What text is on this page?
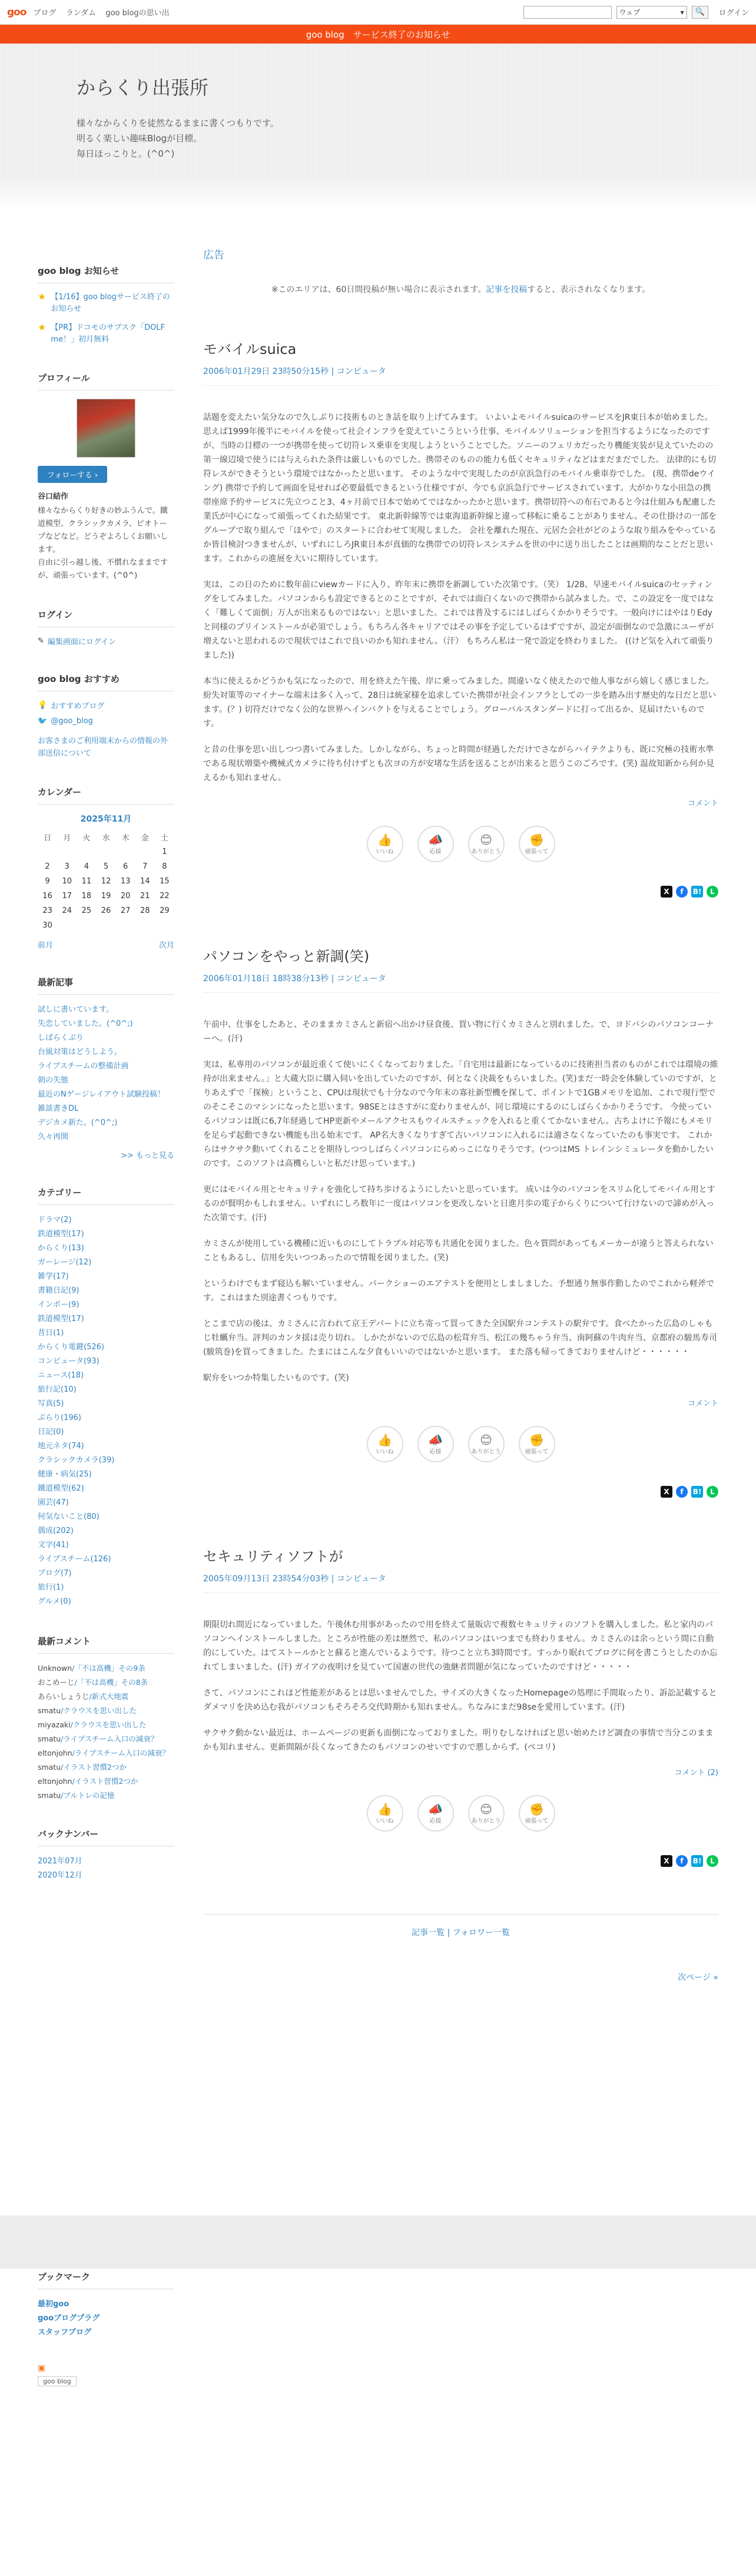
goo ブログ ランダム goo blogの思い出	ウェブ	▾ 🔍 ログイン
goo blog　サービス終了のお知らせ
からくり出張所
様々なからくりを徒然なるままに書くつもりです。
明るく楽しい趣味Blogが目標。
毎日ほっこりと。(^0^)
goo blog お知らせ
★ 【1/16】goo blogサービス終了のお知らせ
★ 【PR】ドコモのサブスク「DOLF me！」初月無料
プロフィール
フォローする ›
谷口結作
様々なからくり好きの妙ふうんで。鐵道模型、クラシックカメラ、ビオトープなどなど。どうぞよろしくお願いします。
自由に引っ越し後、不慣れなままですが、頑張っています。(^0^)
ログイン
✎ 編集画面にログイン
goo blog おすすめ
💡 おすすめブログ
🐦 @goo_blog
お客さまのご利用端末からの情報の外部送信について
カレンダー
2025年11月
日	月	火	水	木	金	土
						1
2	3	4	5	6	7	8
9	10	11	12	13	14	15
16	17	18	19	20	21	22
23	24	25	26	27	28	29
30						
前月	次月
最新記事
試しに書いています。
失恋していました。(^0^;)
しばらくぶり
台風対策はどうしよう。
ライブスチームの整備計画
朝の失態
最近のNゲージレイアウト試験投稿！
雑談書きDL
デジカメ新た。(^0^;)
久々再開
>> もっと見る
カテゴリー
ドラマ(2)
鉄道模型(17)
からくり(13)
ガーレージ(12)
雑学(17)
書籍日記(9)
インボー(9)
鉄道模型(17)
昔日(1)
からくり電鍵(526)
コンピュータ(93)
ニュース(18)
旅行記(10)
写真(5)
ぶらり(196)
日記(0)
地元ネタ(74)
クラシックカメラ(39)
健康・病気(25)
鐵道模型(62)
園芸(47)
何気ないこと(80)
偶成(202)
文字(41)
ライブスチーム(126)
ブログ(7)
旅行(1)
グルメ(0)
最新コメント
Unknown/「不は高機」その9条
おこめーじ/「不は高機」その8条
あらいしょうじ/新式大地震
smatu/クラウスを思い出した
miyazaki/クラウスを思い出した
smatu/ライブスチーム入口の減衰？
eltonjohn/ライブスチーム入口の減衰？
smatu/イラスト習慣2つか
eltonjohn/イラスト習慣2つか
smatu/ブルトレの記憶
バックナンバー
2021年07月
2020年12月
広告
※このエリアは、60日間投稿が無い場合に表示されます。記事を投稿すると、表示されなくなります。
モバイルsuica
2006年01月29日 23時50分15秒 | コンピュータ

話題を変えたい気分なので久しぶりに技術ものとき話を取り上げてみます。 いよいよモバイルsuicaのサービスをJR東日本が始めました。思えば1999年後半にモバイルを使って社会インフラを変えていこうという仕事、モバイルソリューションを担当するようになったのですが、当時の目標の一つが携帯を使って切符レス乗車を実現しようということでした。ソニーのフェリカだったり機能実装が見えていたのの第一線辺境で使うには与えられた条件は厳しいものでした。携帯そのものの能力も低くセキュリティなどはまだまだでした。 法律的にも切符レスができそうという環境ではなかったと思います。 そのような中で実現したのが京浜急行のモバイル乗車券でした。 (現、携帯deウイング) 携帯で予約して画面を見せれば必要最低できるという仕様ですが、今でも京浜急行でサービスされています。大がかりな小田急の携帯座席予約サービスに先立つこと3、4ヶ月前で日本で始めてではなかったかと思います。携帯切符への布石であると今は仕組みも配慮した業氏が中心になって頑張ってくれた結果です。 東北新幹線等では東海道新幹線と違って移転に乗ることがありません。その仕掛けの一部をグループで取り組んで「ほやで」のスタートに合わせて実現しました。 会社を離れた現在、元居た会社がどのような取り組みをやっているか皆目検討つきませんが、いずれにしろJR東日本が真価的な携帯での切符レスシステムを世の中に送り出したことは画期的なことだと思います。これからの進展を大いに期待しています。

実は、この日のために数年前にviewカードに入り、昨年末に携帯を新調していた次第です。（笑） 1/28、早速モバイルsuicaのセッティングをしてみました。パソコンからも設定できるとのことですが、それでは面白くないので携帯から試みました。で、この設定を一度ではなく「難しくて面倒」万人が出来るものではない」と思いました。これでは普及するにはしばらくかかりそうです。一般向けにはやはりEdyと同様のプリインストールが必須でしょう。もちろん各キャリアではその事を予定しているはずですが、設定が面倒なので急激にユーザが増えないと思われるので現状ではこれで良いのかも知れません。（汗） もちろん私は一発で設定を終わりました。 ((けど気を入れて頑張りました))

本当に使えるかどうかも気になったので、用を終えた午後、岸に乗ってみました。間違いなく使えたので他人事ながら嬉しく感じました。紛失対策等のマイナーな端末は多く入って、28日は統家様を追求していた携帯が社会インフラとしての一歩を踏み出す歴史的な日だと思います。(？) 切符だけでなく公的な世界へインバクトを与えることでしょう。グローバルスタンダードに打って出るか、見届けたいものです。

と昔の仕事を思い出しつつ書いてみました。しかしながら、ちょっと時間が経過しただけでさながらハイテクよりも、既に究極の技術水準である現状増築や機械式カメラに待ち付けずとも次ヨの方が安堵な生活を送ることが出来ると思うこのごろです。(笑) 温故知新から何か見えるかも知れません。

コメント
👍
いいね
📣
応援
😊
ありがとう
✊
頑張って
X	f	B!	L
パソコンをやっと新調(笑)
2006年01月18日 18時38分13秒 | コンピュータ

午前中、仕事をしたあと、そのままカミさんと新宿へ出かけ昼食後、買い物に行くカミさんと別れました。で、ヨドバシのパソコンコーナーへ。(汗)

実は、私専用のパソコンが最近重くて使いにくくなっておりました。「自宅用は最新になっているのに技術担当者のものがこれでは環境の維持が出来ません。」と大蔵大臣に購入伺いを出していたのですが、何となく決裁をもらいました。(笑)まだ一時会を体験していのですが、とりあえずで「探検」ということ、CPUは現状でも十分なので今年末の寡社新型機を探して、ポイントで1GBメモリを追加、これで現行型でのそこそこのマシンになったと思います。98SEとはさすがに変わりませんが、同じ環境にするのにしばらくかかりそうです。 今使っているパソコンは既に6,7年経過してHP更新やメールアクセスもウイルスチェックを入れると重くてかないません。古ちよけに予報にもメモリを足らず起動できない機能も出る始末です。 AP名大きくなりすぎて古いパソコンに入れるには適さなくなっていたのも事実です。 これからはサクサク動いてくれることを期待しつつしばらくパソコンにらめっこになりそうです。(つつはMS トレインシミュレータを動かしたいのです。このソフトは高機らしいと私だけ思っています。)

更にはモバイル用とセキュリティを強化して持ち歩けるようにしたいと思っています。 成いは今のパソコンをスリム化してモバイル用とするのが賢明かもしれません。いずれにしろ数年に一度はパソコンを更改しないと日進月歩の電子からくりについて行けないので諦めが入った次第です。(汗)

カミさんが使用している機種に近いものにしてトラブル対応等も共通化を図りました。色々質問があってもメーカーが違うと答えられないこともあるし、信用を失いつつあったので情報を図りました。(笑)

というわけでもまず寝込も解いていません。パークショーのエアテストを便用としましました。予想通り無事作動したのでこれから軽斧です。これはまた別途書くつもりです。

とこまで店の後は、カミさんに言われて京王デパートに立ち寄って買ってきた全国駅弁コンテストの駅弁です。食べたかった広島のしゃもじ牡蠣弁当。評判のカンタ揺は売り切れ。 しかたがないので広島の松茸弁当、松江の幾ちゃう弁当、南阿蘇の牛肉弁当、京都府の駿馬寿司(駿筑巻)を買ってきました。たまにはこんな夕食もいいのではないかと思います。 また落も帰ってきておりませんけど・・・・・・

駅弁をいつか特集したいものです。(笑)

コメント
👍
いいね
📣
応援
😊
ありがとう
✊
頑張って
X	f	B!	L
セキュリティソフトが
2005年09月13日 23時54分03秒 | コンピュータ

期限切れ間近になっていました。午後休む用事があったので用を終えて量販店で複数セキュリティのソフトを購入しました。私と家内のパソコンへインストールしました。ところが性能の差は歴然で、私のパソコンはいつまでも終わりません。カミさんのは余っという間に自動的にしていた。はてストールかとと蘇ると進んでいるようです。待つこと立ち3時間です。すっかり眠れてブログに何を書こうとしたのか忘れてしまいました。(汗) ガイアの夜明けを見ていて国憲の世代の強継者問題が気になっていたのですけど・・・・・

さて、パソコンにこれほど性能差があるとは思いませんでした。サイズの大きくなったHomepageの処理に手間取ったり、訴訟記載するとダメマリを決め込む我がパソコンもそろそろ交代時期かも知れません。ちなみにまだ98seを愛用しています。(汗)

サクサク動かない最近は、ホームページの更新も面倒になっておりました。明りむしなければと思い始めたけど調査の事情で当分このままかも知れません。更新間隔が長くなってきたのもパソコンのせいですので悪しからず。(ペコリ)

コメント (2)
👍
いいね
📣
応援
😊
ありがとう
✊
頑張って
X	f	B!	L
記事一覧 | フォロワー一覧
次ページ »
ブックマーク
最初goo
gooブログプラグ
スタッフブログ
▣
goo blog
